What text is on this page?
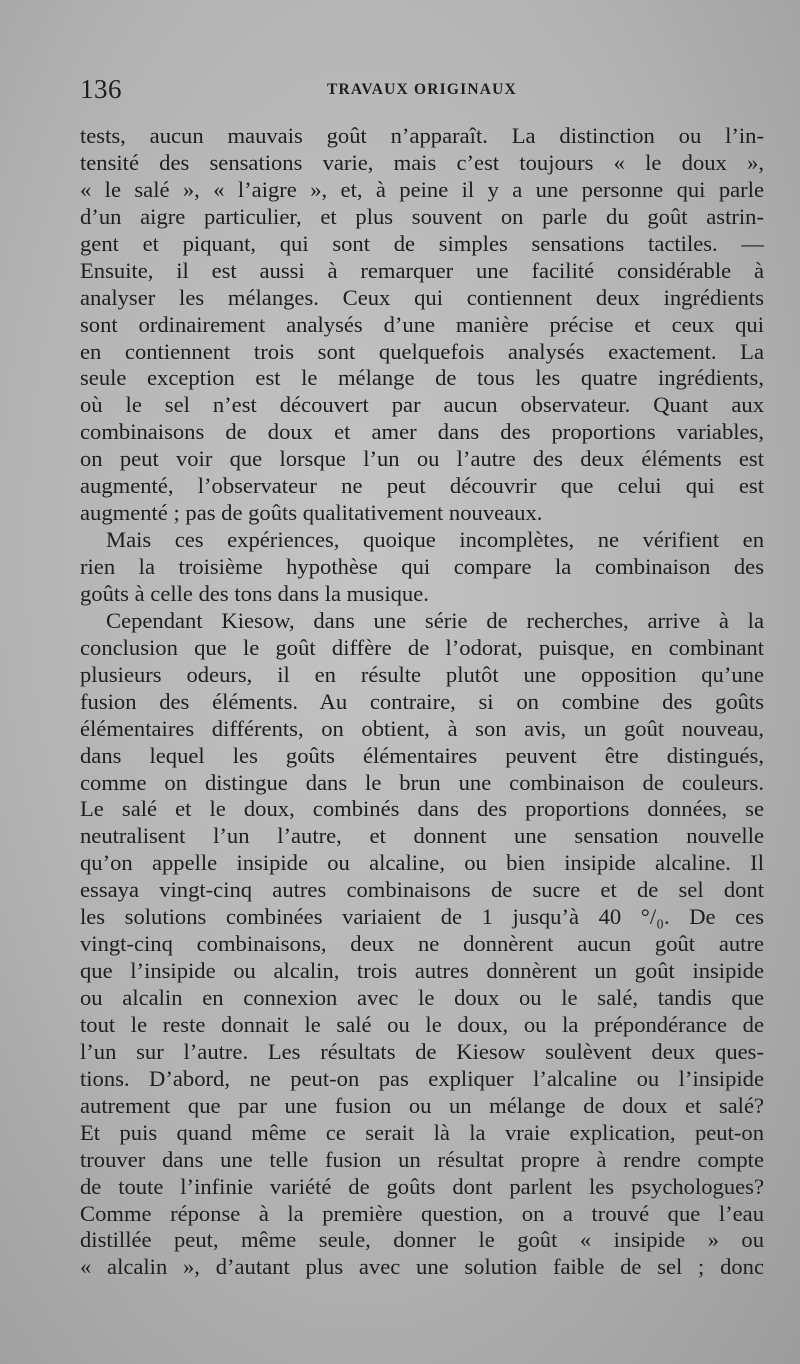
136	TRAVAUX ORIGINAUX
tests, aucun mauvais goût n’apparaît. La distinction ou l’in-
tensité des sensations varie, mais c’est toujours « le doux »,
« le salé », « l’aigre », et, à peine il y a une personne qui parle
d’un aigre particulier, et plus souvent on parle du goût astrin-
gent et piquant, qui sont de simples sensations tactiles. —
Ensuite, il est aussi à remarquer une facilité considérable à
analyser les mélanges. Ceux qui contiennent deux ingrédients
sont ordinairement analysés d’une manière précise et ceux qui
en contiennent trois sont quelquefois analysés exactement. La
seule exception est le mélange de tous les quatre ingrédients,
où le sel n’est découvert par aucun observateur. Quant aux
combinaisons de doux et amer dans des proportions variables,
on peut voir que lorsque l’un ou l’autre des deux éléments est
augmenté, l’observateur ne peut découvrir que celui qui est
augmenté ; pas de goûts qualitativement nouveaux.
Mais ces expériences, quoique incomplètes, ne vérifient en
rien la troisième hypothèse qui compare la combinaison des
goûts à celle des tons dans la musique.
Cependant Kiesow, dans une série de recherches, arrive à la
conclusion que le goût diffère de l’odorat, puisque, en combinant
plusieurs odeurs, il en résulte plutôt une opposition qu’une
fusion des éléments. Au contraire, si on combine des goûts
élémentaires différents, on obtient, à son avis, un goût nouveau,
dans lequel les goûts élémentaires peuvent être distingués,
comme on distingue dans le brun une combinaison de couleurs.
Le salé et le doux, combinés dans des proportions données, se
neutralisent l’un l’autre, et donnent une sensation nouvelle
qu’on appelle insipide ou alcaline, ou bien insipide alcaline. Il
essaya vingt-cinq autres combinaisons de sucre et de sel dont
les solutions combinées variaient de 1 jusqu’à 40 °/₀. De ces
vingt-cinq combinaisons, deux ne donnèrent aucun goût autre
que l’insipide ou alcalin, trois autres donnèrent un goût insipide
ou alcalin en connexion avec le doux ou le salé, tandis que
tout le reste donnait le salé ou le doux, ou la prépondérance de
l’un sur l’autre. Les résultats de Kiesow soulèvent deux ques-
tions. D’abord, ne peut-on pas expliquer l’alcaline ou l’insipide
autrement que par une fusion ou un mélange de doux et salé?
Et puis quand même ce serait là la vraie explication, peut-on
trouver dans une telle fusion un résultat propre à rendre compte
de toute l’infinie variété de goûts dont parlent les psychologues?
Comme réponse à la première question, on a trouvé que l’eau
distillée peut, même seule, donner le goût « insipide » ou
« alcalin », d’autant plus avec une solution faible de sel ; donc
